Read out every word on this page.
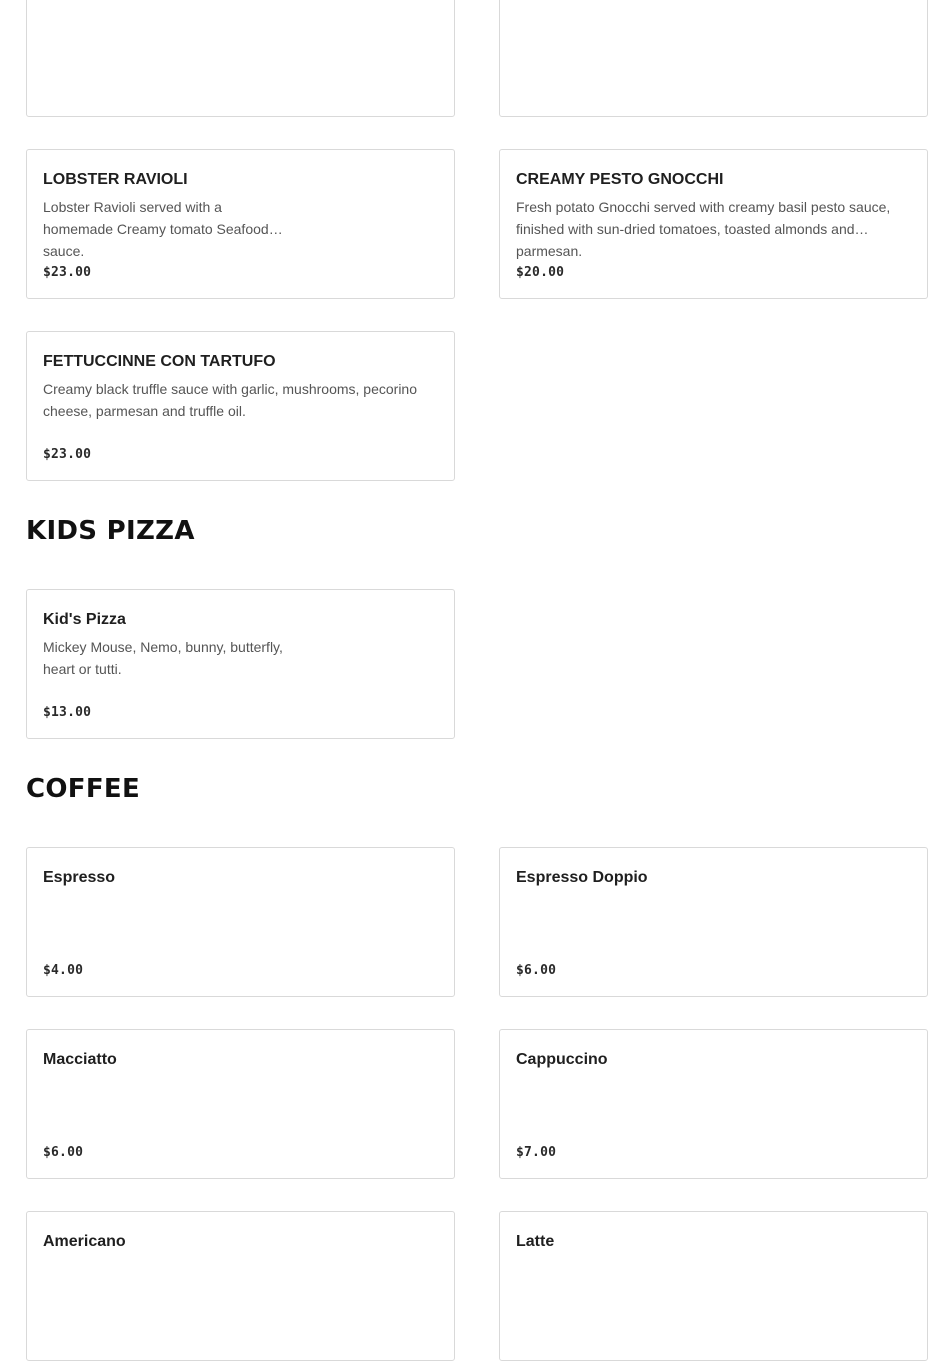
LOBSTER RAVIOLI
Lobster Ravioli served with a homemade Creamy tomato Seafood sauce.
$23.00
CREAMY PESTO GNOCCHI
Fresh potato Gnocchi served with creamy basil pesto sauce, finished with sun-dried tomatoes, toasted almonds and parmesan.
$20.00
FETTUCCINNE CON TARTUFO
Creamy black truffle sauce with garlic, mushrooms, pecorino cheese, parmesan and truffle oil.
$23.00
KIDS PIZZA
Kid's Pizza
Mickey Mouse, Nemo, bunny, butterfly, heart or tutti.
$13.00
COFFEE
Espresso
$4.00
Espresso Doppio
$6.00
Macciatto
$6.00
Cappuccino
$7.00
Americano	Latte
